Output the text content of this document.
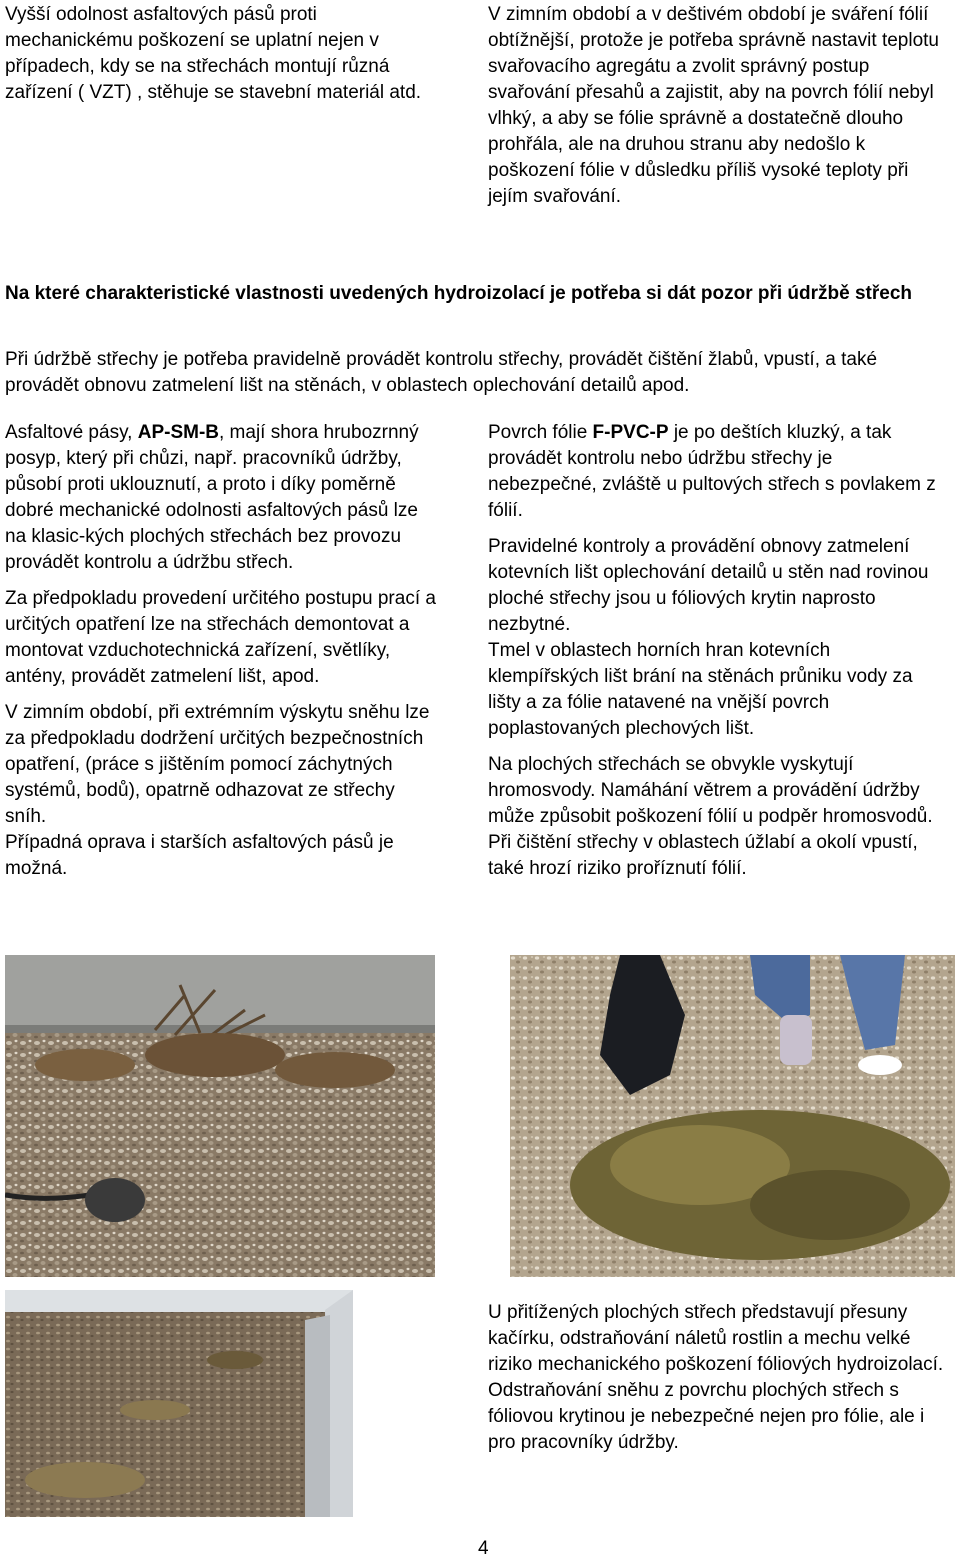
Vyšší odolnost asfaltových pásů proti mechanickému poškození se uplatní nejen v případech, kdy se na střechách montují různá zařízení ( VZT) , stěhuje se stavební materiál atd.

V zimním období a v deštivém období je sváření fólií obtížnější, protože je potřeba správně nastavit teplotu svařovacího agregátu a zvolit správný postup svařování přesahů a zajistit, aby na povrch fólií nebyl vlhký, a aby se fólie správně a dostatečně dlouho prohřála, ale na druhou stranu aby nedošlo k poškození fólie v důsledku příliš vysoké teploty při jejím svařování.

Na které charakteristické vlastnosti uvedených hydroizolací je potřeba si dát pozor při údržbě střech

Při údržbě střechy je potřeba pravidelně provádět kontrolu střechy, provádět čištění žlabů, vpustí, a také provádět obnovu zatmelení lišt na stěnách, v oblastech oplechování detailů apod.

Asfaltové pásy, AP-SM-B, mají shora hrubozrnný posyp, který při chůzi, např. pracovníků údržby, působí proti uklouznutí, a proto i díky poměrně dobré mechanické odolnosti asfaltových pásů lze na klasic-kých plochých střechách bez provozu provádět kontrolu a údržbu střech.

Za předpokladu provedení určitého postupu prací a určitých opatření lze na střechách demontovat a montovat vzduchotechnická zařízení, světlíky, antény, provádět zatmelení lišt, apod.

V zimním období, při extrémním výskytu sněhu lze za předpokladu dodržení určitých bezpečnostních opatření, (práce s jištěním pomocí záchytných systémů, bodů), opatrně odhazovat ze střechy sníh.

Případná oprava i starších asfaltových pásů je možná.

Povrch fólie F-PVC-P je po deštích kluzký, a tak provádět kontrolu nebo údržbu střechy je nebezpečné, zvláště u pultových střech s povlakem z fólií.

Pravidelné kontroly a provádění obnovy zatmelení kotevních lišt oplechování detailů u stěn nad rovinou ploché střechy jsou u fóliových krytin naprosto nezbytné.

Tmel v oblastech horních hran kotevních klempířských lišt brání na stěnách průniku vody za lišty a za fólie natavené na vnější povrch poplastovaných plechových lišt.

Na plochých střechách se obvykle vyskytují hromosvody. Namáhání větrem a provádění údržby může způsobit poškození fólií u podpěr hromosvodů.

Při čištění střechy v oblastech úžlabí a okolí vpustí, také hrozí riziko proříznutí fólií.

U přitížených plochých střech představují přesuny kačírku, odstraňování náletů rostlin a mechu velké riziko mechanického poškození fóliových hydroizolací.

Odstraňování sněhu z povrchu plochých střech s fóliovou krytinou je nebezpečné nejen pro fólie, ale i pro pracovníky údržby.

4
